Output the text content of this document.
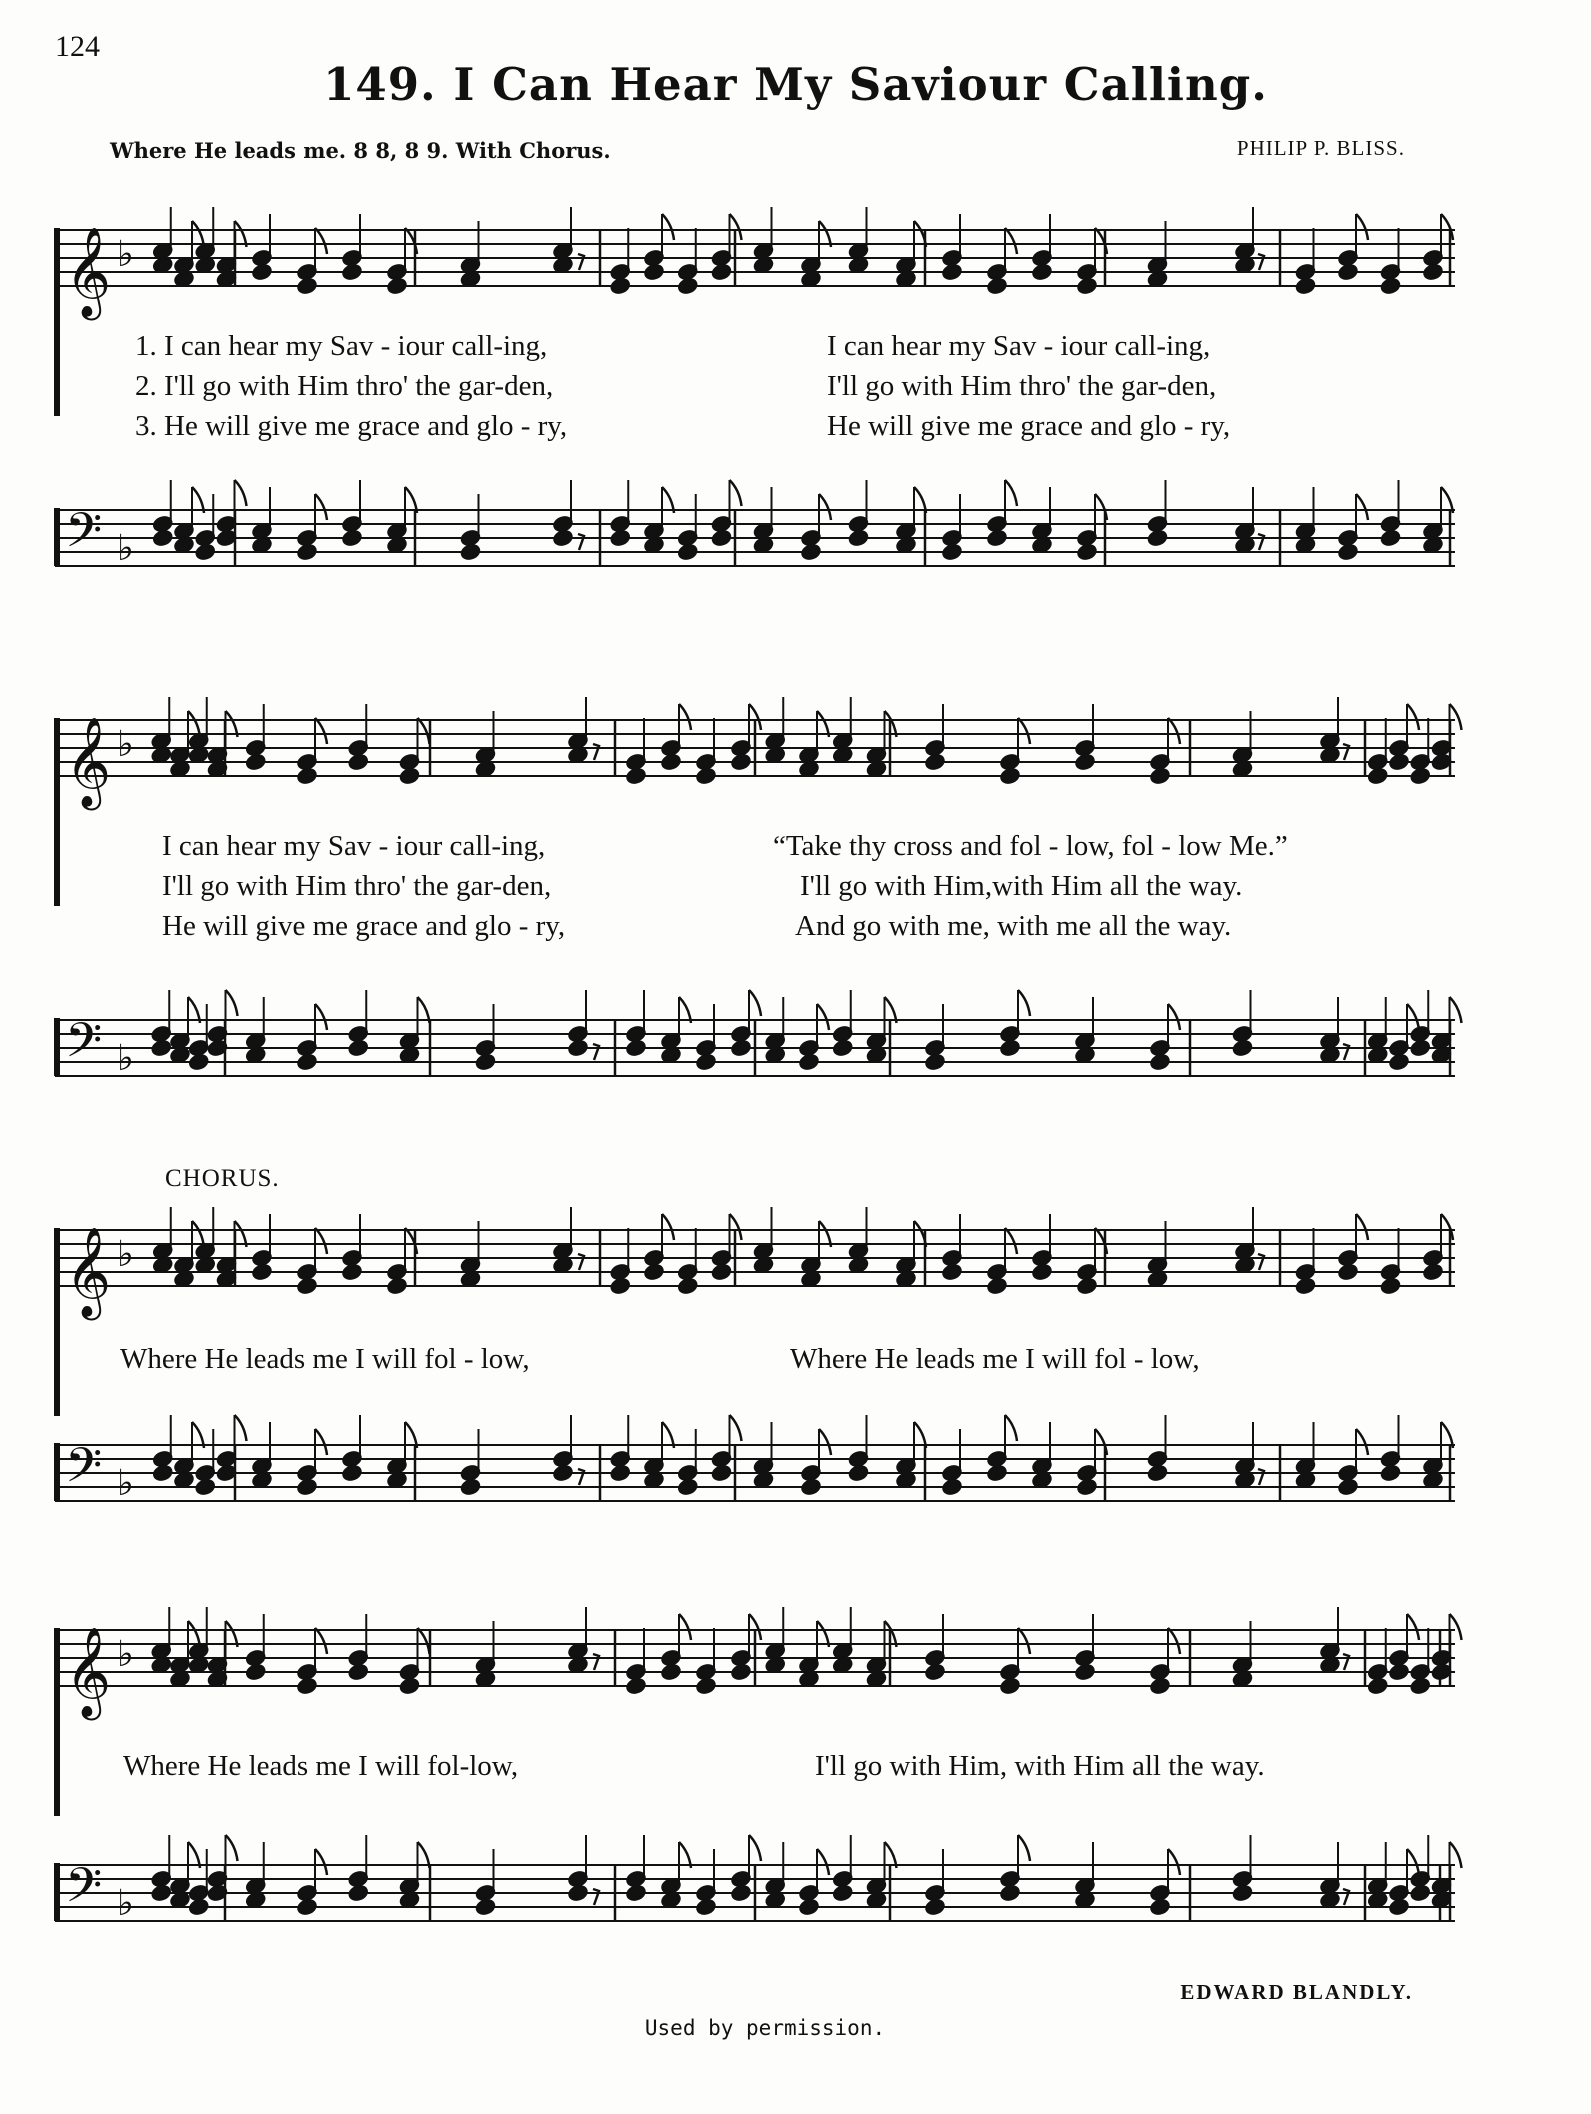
124
149. I Can Hear My Saviour Calling.
Where He leads me. 8 8, 8 9. With Chorus.	PHILIP P. BLISS.
𝄞 ♭
1. I can hear my Sav - iour call-ing,	I can hear my Sav - iour call-ing,
2. I'll go with Him thro' the gar-den,	I'll go with Him thro' the gar-den,
3. He will give me grace and glo - ry,	He will give me grace and glo - ry,
𝄢 ♭
𝄞 ♭
I can hear my Sav - iour call-ing,	“Take thy cross and fol - low, fol - low Me.”
I'll go with Him thro' the gar-den,	I'll go with Him,with Him all the way.
He will give me grace and glo - ry,	And go with me, with me all the way.
𝄢 ♭
CHORUS.
𝄞 ♭
Where He leads me I will fol - low,	Where He leads me I will fol - low,
𝄢 ♭
𝄞 ♭
Where He leads me I will fol-low,	I'll go with Him, with Him all the way.
𝄢 ♭
EDWARD BLANDLY.
Used by permission.
